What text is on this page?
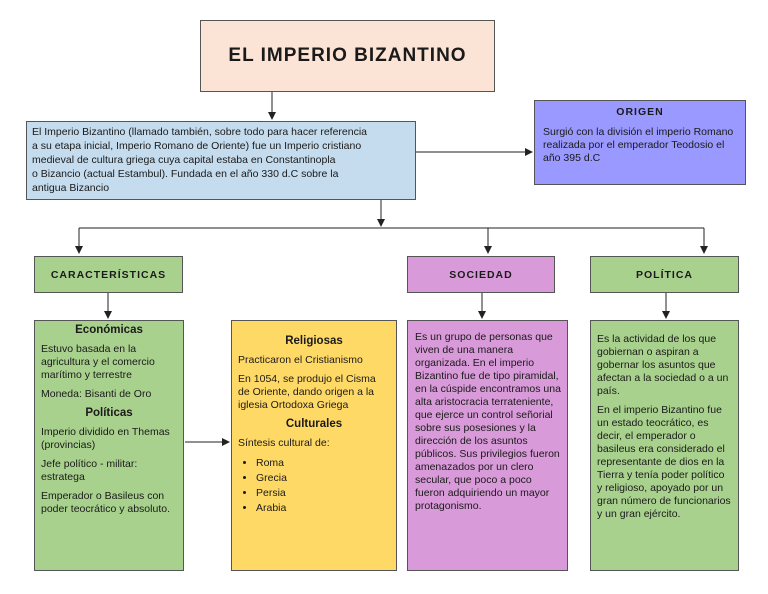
EL IMPERIO BIZANTINO
El Imperio Bizantino (llamado también, sobre todo para hacer referencia
a su etapa inicial, Imperio Romano de Oriente) fue un Imperio cristiano
medieval de cultura griega cuya capital estaba en Constantinopla
o Bizancio (actual Estambul). Fundada en el año 330 d.C sobre la
antigua Bizancio
ORIGEN
Surgió con la división el imperio Romano realizada por el emperador Teodosio el año 395 d.C
CARACTERÍSTICAS	SOCIEDAD	POLÍTICA
Económicas

Estuvo basada en la agricultura y el comercio marítimo y terrestre

Moneda: Bisanti de Oro

Políticas

Imperio dividido en Themas (provincias)

Jefe político - militar: estratega

Emperador o Basileus con poder teocrático y absoluto.

Religiosas

Practicaron el Cristianismo

En 1054, se produjo el Cisma de Oriente, dando origen a la iglesia Ortodoxa Griega

Culturales

Síntesis cultural de:

• Roma
• Grecia
• Persia
• Arabia

Es un grupo de personas que viven de una manera organizada. En el imperio Bizantino fue de tipo piramidal, en la cúspide encontramos una alta aristocracia terrateniente, que ejerce un control señorial sobre sus posesiones y la dirección de los asuntos públicos. Sus privilegios fueron amenazados por un clero secular, que poco a poco fueron adquiriendo un mayor protagonismo.

Es la actividad de los que gobiernan o aspiran a gobernar los asuntos que afectan a la sociedad o a un país.

En el imperio Bizantino fue un estado teocrático, es decir, el emperador o basileus era considerado el representante de dios en la Tierra y tenía poder político y religioso, apoyado por un gran número de funcionarios y un gran ejército.
